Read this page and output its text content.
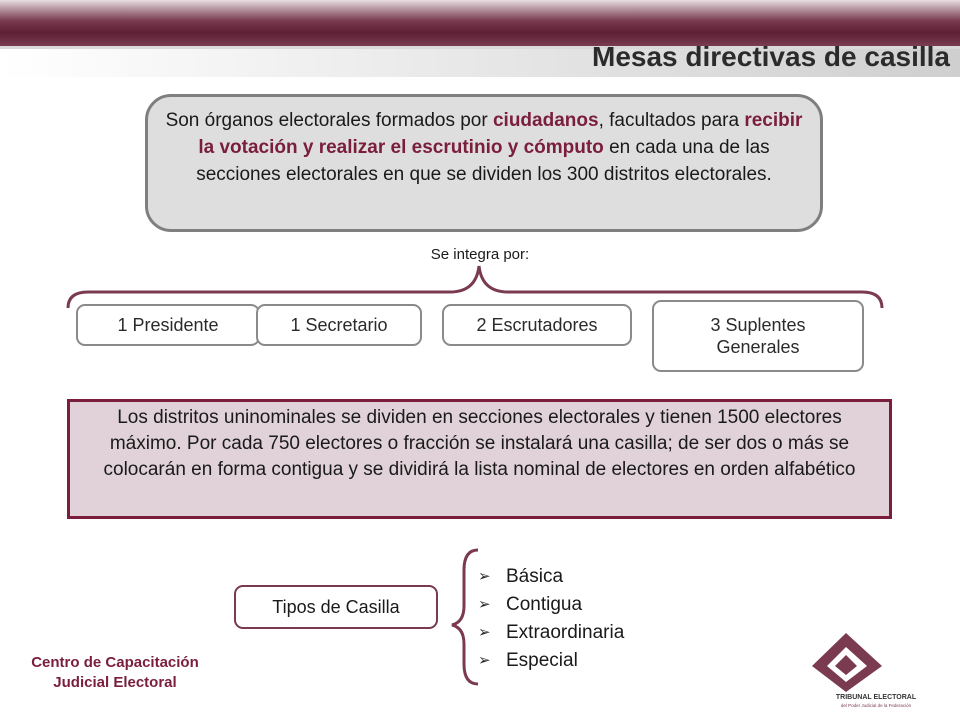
Mesas directivas de casilla
Son órganos electorales formados por ciudadanos, facultados para recibir la votación y realizar el escrutinio y cómputo en cada una de las secciones electorales en que se dividen los 300 distritos electorales.
Se integra por:
1 Presidente	1 Secretario	2 Escrutadores	3 Suplentes Generales
Los distritos uninominales se dividen en secciones electorales y tienen 1500 electores máximo. Por cada 750 electores o fracción se instalará una casilla; de ser dos o más se colocarán en forma contigua y se dividirá la lista nominal de electores en orden alfabético
Tipos de Casilla
➢ Básica
➢ Contigua
➢ Extraordinaria
➢ Especial
Centro de Capacitación
Judicial Electoral
TRIBUNAL ELECTORAL
del Poder Judicial de la Federación
